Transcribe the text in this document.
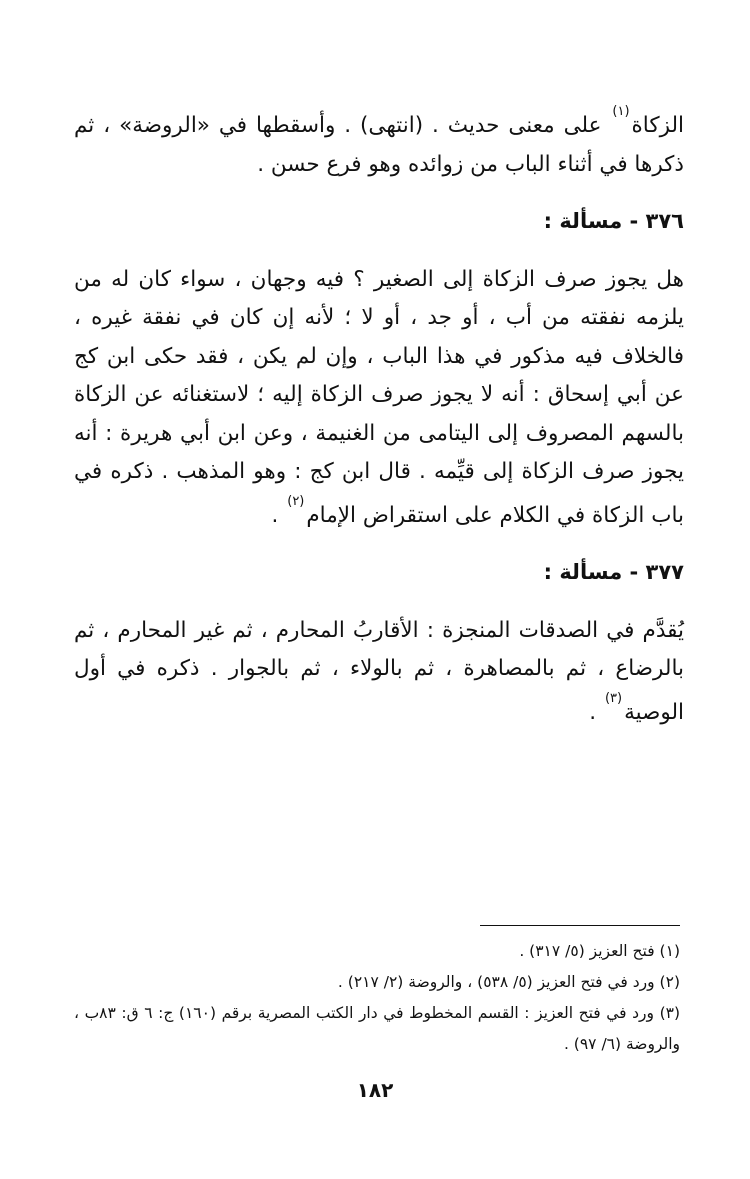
الزكاة$^{(١)}$ على معنى حديث . (انتهى) . وأسقطها في «الروضة» ، ثم ذكرها في أثناء الباب من زوائده وهو فرع حسن .

٣٧٦ - مسألة :

هل يجوز صرف الزكاة إلى الصغير ؟ فيه وجهان ، سواء كان له من يلزمه نفقته من أب ، أو جد ، أو لا ؛ لأنه إن كان في نفقة غيره ، فالخلاف فيه مذكور في هذا الباب ، وإن لم يكن ، فقد حكى ابن كج عن أبي إسحاق : أنه لا يجوز صرف الزكاة إليه ؛ لاستغنائه عن الزكاة بالسهم المصروف إلى اليتامى من الغنيمة ، وعن ابن أبي هريرة : أنه يجوز صرف الزكاة إلى قيِّمه . قال ابن كج : وهو المذهب . ذكره في باب الزكاة في الكلام على استقراض الإمام$^{(٢)}$ .

٣٧٧ - مسألة :

يُقدَّم في الصدقات المنجزة : الأقاربُ المحارم ، ثم غير المحارم ، ثم بالرضاع ، ثم بالمصاهرة ، ثم بالولاء ، ثم بالجوار . ذكره في أول الوصية$^{(٣)}$ .

(١) فتح العزيز (٥/ ٣١٧) .

(٢) ورد في فتح العزيز (٥/ ٥٣٨) ، والروضة (٢/ ٢١٧) .

(٣) ورد في فتح العزيز : القسم المخطوط في دار الكتب المصرية برقم (١٦٠) ج: ٦ ق: ٨٣ب ، والروضة (٦/ ٩٧) .

١٨٢
